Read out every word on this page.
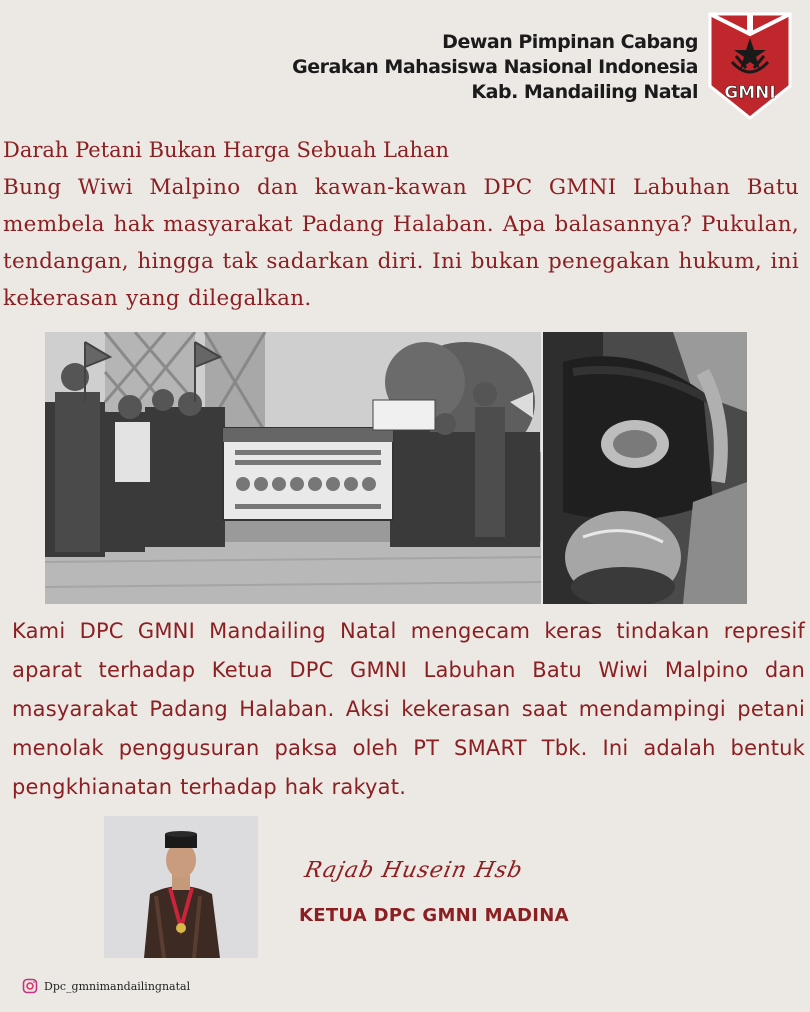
Dewan Pimpinan Cabang
Gerakan Mahasiswa Nasional Indonesia
Kab. Mandailing Natal GMNI
Darah Petani Bukan Harga Sebuah Lahan
Bung Wiwi Malpino dan kawan-kawan DPC GMNI Labuhan Batu membela hak masyarakat Padang Halaban. Apa balasannya? Pukulan, tendangan, hingga tak sadarkan diri. Ini bukan penegakan hukum, ini kekerasan yang dilegalkan.
Kami DPC GMNI Mandailing Natal mengecam keras tindakan represif aparat terhadap Ketua DPC GMNI Labuhan Batu Wiwi Malpino dan masyarakat Padang Halaban. Aksi kekerasan saat mendampingi petani menolak penggusuran paksa oleh PT SMART Tbk. Ini adalah bentuk pengkhianatan terhadap hak rakyat.
Rajab Husein Hsb
KETUA DPC GMNI MADINA
Dpc_gmnimandailingnatal
